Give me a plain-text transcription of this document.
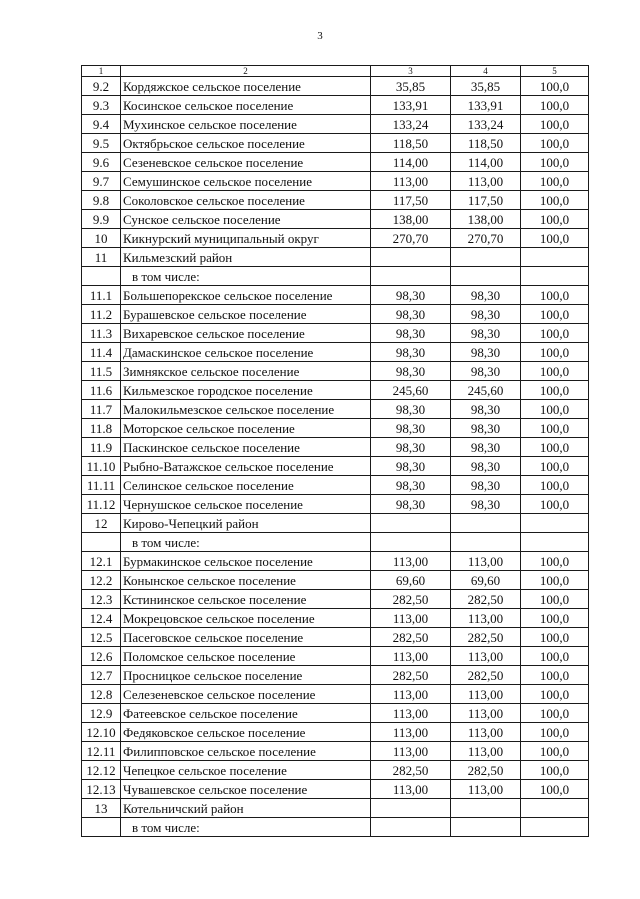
3
1	2	3	4	5
9.2	Кордяжское сельское поселение	35,85	35,85	100,0
9.3	Косинское сельское поселение	133,91	133,91	100,0
9.4	Мухинское сельское поселение	133,24	133,24	100,0
9.5	Октябрьское сельское поселение	118,50	118,50	100,0
9.6	Сезеневское сельское поселение	114,00	114,00	100,0
9.7	Семушинское сельское поселение	113,00	113,00	100,0
9.8	Соколовское сельское поселение	117,50	117,50	100,0
9.9	Сунское сельское поселение	138,00	138,00	100,0
10	Кикнурский муниципальный округ	270,70	270,70	100,0
11	Кильмезский район			
	в том числе:			
11.1	Большепорекское сельское поселение	98,30	98,30	100,0
11.2	Бурашевское сельское поселение	98,30	98,30	100,0
11.3	Вихаревское сельское поселение	98,30	98,30	100,0
11.4	Дамаскинское сельское поселение	98,30	98,30	100,0
11.5	Зимнякское сельское поселение	98,30	98,30	100,0
11.6	Кильмезское городское поселение	245,60	245,60	100,0
11.7	Малокильмезское сельское поселение	98,30	98,30	100,0
11.8	Моторское сельское поселение	98,30	98,30	100,0
11.9	Паскинское сельское поселение	98,30	98,30	100,0
11.10	Рыбно-Ватажское сельское поселение	98,30	98,30	100,0
11.11	Селинское сельское поселение	98,30	98,30	100,0
11.12	Чернушское сельское поселение	98,30	98,30	100,0
12	Кирово-Чепецкий район			
	в том числе:			
12.1	Бурмакинское сельское поселение	113,00	113,00	100,0
12.2	Конынское сельское поселение	69,60	69,60	100,0
12.3	Кстининское сельское поселение	282,50	282,50	100,0
12.4	Мокрецовское сельское поселение	113,00	113,00	100,0
12.5	Пасеговское сельское поселение	282,50	282,50	100,0
12.6	Поломское сельское поселение	113,00	113,00	100,0
12.7	Просницкое сельское поселение	282,50	282,50	100,0
12.8	Селезеневское сельское поселение	113,00	113,00	100,0
12.9	Фатеевское сельское поселение	113,00	113,00	100,0
12.10	Федяковское сельское поселение	113,00	113,00	100,0
12.11	Филипповское сельское поселение	113,00	113,00	100,0
12.12	Чепецкое сельское поселение	282,50	282,50	100,0
12.13	Чувашевское сельское поселение	113,00	113,00	100,0
13	Котельничский район			
	в том числе:			
